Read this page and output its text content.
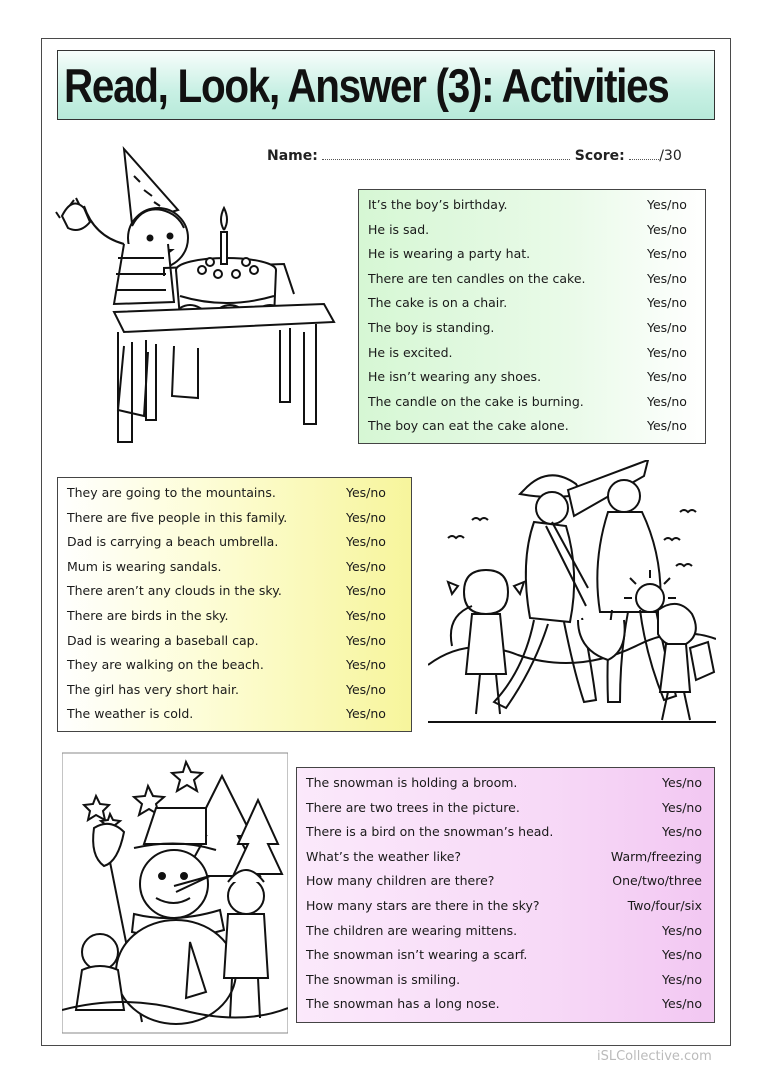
Read, Look, Answer (3): Activities
Name:	Score: /30
It’s the boy’s birthday.	Yes/no
He is sad.	Yes/no
He is wearing a party hat.	Yes/no
There are ten candles on the cake.	Yes/no
The cake is on a chair.	Yes/no
The boy is standing.	Yes/no
He is excited.	Yes/no
He isn’t wearing any shoes.	Yes/no
The candle on the cake is burning.	Yes/no
The boy can eat the cake alone.	Yes/no
They are going to the mountains.	Yes/no
There are five people in this family.	Yes/no
Dad is carrying a beach umbrella.	Yes/no
Mum is wearing sandals.	Yes/no
There aren’t any clouds in the sky.	Yes/no
There are birds in the sky.	Yes/no
Dad is wearing a baseball cap.	Yes/no
They are walking on the beach.	Yes/no
The girl has very short hair.	Yes/no
The weather is cold.	Yes/no
The snowman is holding a broom.	Yes/no
There are two trees in the picture.	Yes/no
There is a bird on the snowman’s head.	Yes/no
What’s the weather like?	Warm/freezing
How many children are there?	One/two/three
How many stars are there in the sky?	Two/four/six
The children are wearing mittens.	Yes/no
The snowman isn’t wearing a scarf.	Yes/no
The snowman is smiling.	Yes/no
The snowman has a long nose.	Yes/no
iSLCollective.com
